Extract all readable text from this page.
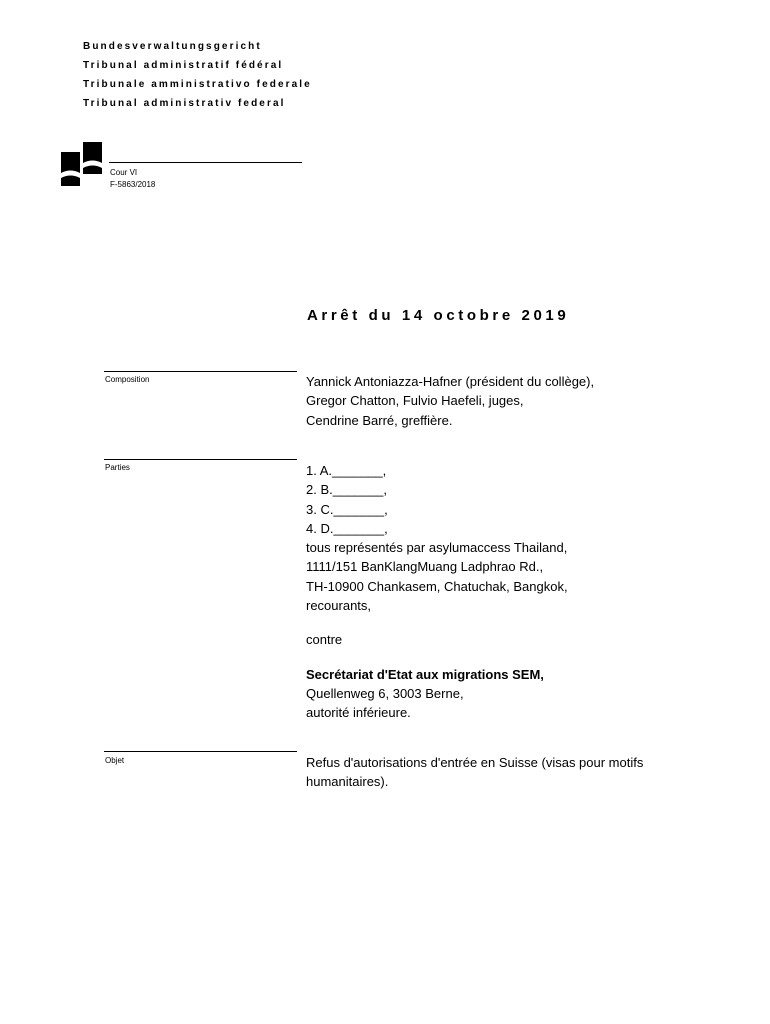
Bundesverwaltungsgericht
Tribunal administratif fédéral
Tribunale amministrativo federale
Tribunal administrativ federal
Cour VI
F-5863/2018
Arrêt du 14 octobre 2019
Composition	Yannick Antoniazza-Hafner (président du collège),
Gregor Chatton, Fulvio Haefeli, juges,
Cendrine Barré, greffière.
Parties	1. A._______,
2. B._______,
3. C._______,
4. D._______,
tous représentés par asylumaccess Thailand,
1111/151 BanKlangMuang Ladphrao Rd.,
TH-10900 Chankasem, Chatuchak, Bangkok,
recourants,
contre
Secrétariat d'Etat aux migrations SEM,
Quellenweg 6, 3003 Berne,
autorité inférieure.
Objet	Refus d'autorisations d'entrée en Suisse (visas pour motifs
humanitaires).
